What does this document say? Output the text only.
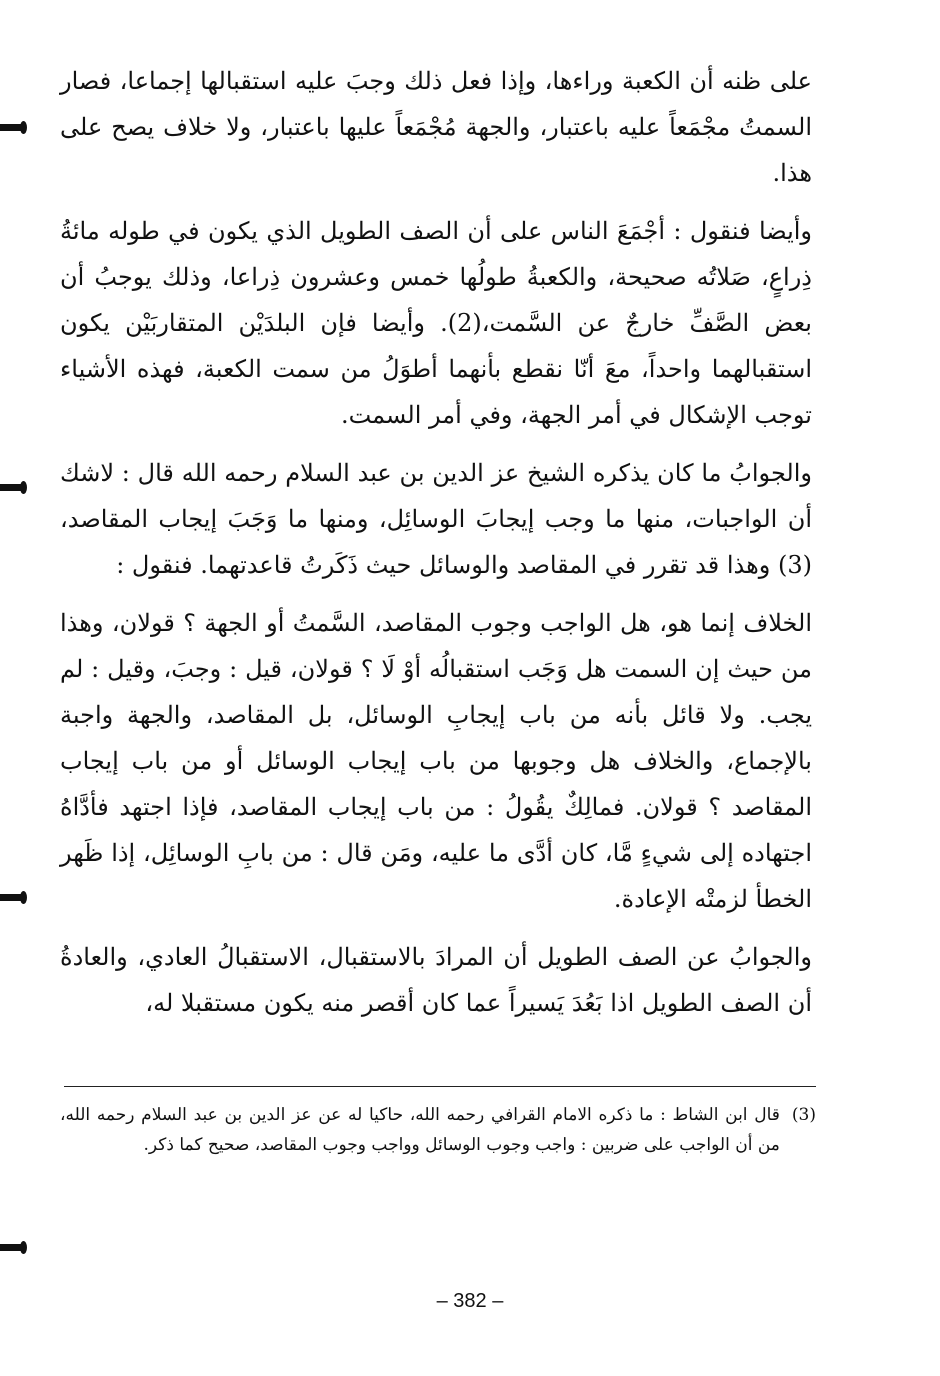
على ظنه أن الكعبة وراءها، وإذا فعل ذلك وجبَ عليه استقبالها إجماعا، فصار السمتُ مجْمَعاً عليه باعتبار، والجهة مُجْمَعاً عليها باعتبار، ولا خلاف يصح على هذا.

وأيضا فنقول : أجْمَعَ الناس على أن الصف الطويل الذي يكون في طوله مائةُ ذِراعٍ، صَلاتُه صحيحة، والكعبةُ طولُها خمس وعشرون ذِراعا، وذلك يوجبُ أن بعض الصَّفِّ خارجٌ عن السَّمت،(2). وأيضا فإن البلدَيْن المتقاربَيْن يكون استقبالهما واحداً، معَ أنّا نقطع بأنهما أطوَلُ من سمت الكعبة، فهذه الأشياء توجب الإشكال في أمر الجهة، وفي أمر السمت.

والجوابُ ما كان يذكره الشيخ عز الدين بن عبد السلام رحمه الله قال : لاشك أن الواجبات، منها ما وجب إيجابَ الوسائِل، ومنها ما وَجَبَ إيجاب المقاصد،(3) وهذا قد تقرر في المقاصد والوسائل حيث ذَكَرتُ قاعدتهما. فنقول :

الخلاف إنما هو، هل الواجب وجوب المقاصد، السَّمتُ أو الجهة ؟ قولان، وهذا من حيث إن السمت هل وَجَب استقبالُه أوْ لَا ؟ قولان، قيل : وجبَ، وقيل : لم يجب. ولا قائل بأنه من باب إيجابِ الوسائل، بل المقاصد، والجهة واجبة بالإجماع، والخلاف هل وجوبها من باب إيجاب الوسائل أو من باب إيجاب المقاصد ؟ قولان. فمالِكٌ يقُولُ : من باب إيجاب المقاصد، فإذا اجتهد فأدَّاهُ اجتهاده إلى شيءٍ مَّا، كان أدَّى ما عليه، ومَن قال : من بابِ الوسائِل، إذا ظَهر الخطأ لزمتْه الإعادة.

والجوابُ عن الصف الطويل أن المرادَ بالاستقبال، الاستقبالُ العادي، والعادةُ أن الصف الطويل اذا بَعُدَ يَسيراً عما كان أقصر منه يكون مستقبلا له،

(3)
قال ابن الشاط : ما ذكره الامام القرافي رحمه الله، حاكيا له عن عز الدين بن عبد السلام رحمه الله، من أن الواجب على ضربين : واجب وجوب الوسائل وواجب وجوب المقاصد، صحيح كما ذكر.
– 382 –
